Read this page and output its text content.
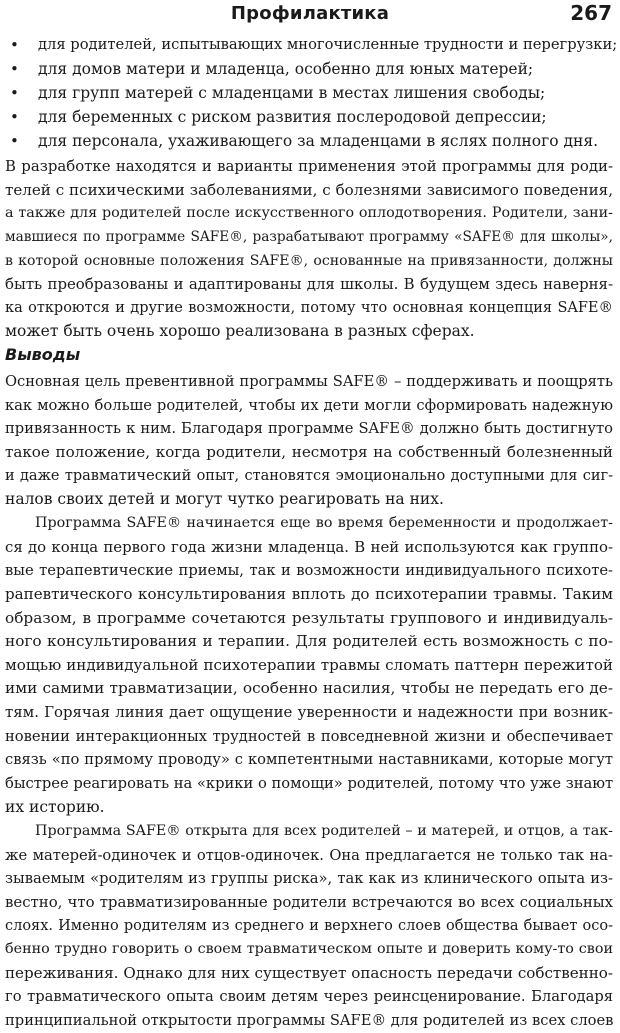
Профилактика	267
• для родителей, испытывающих многочисленные трудности и перегрузки;
• для домов матери и младенца, особенно для юных матерей;
• для групп матерей с младенцами в местах лишения свободы;
• для беременных с риском развития послеродовой депрессии;
• для персонала, ухаживающего за младенцами в яслях полного дня.
В разработке находятся и варианты применения этой программы для роди-
телей с психическими заболеваниями, с болезнями зависимого поведения,
а также для родителей после искусственного оплодотворения. Родители, зани-
мавшиеся по программе SAFE®, разрабатывают программу «SAFE® для школы»,
в которой основные положения SAFE®, основанные на привязанности, должны
быть преобразованы и адаптированы для школы. В будущем здесь наверня-
ка откроются и другие возможности, потому что основная концепция SAFE®
может быть очень хорошо реализована в разных сферах.
Выводы
Основная цель превентивной программы SAFE® – поддерживать и поощрять
как можно больше родителей, чтобы их дети могли сформировать надежную
привязанность к ним. Благодаря программе SAFE® должно быть достигнуто
такое положение, когда родители, несмотря на собственный болезненный
и даже травматический опыт, становятся эмоционально доступными для сиг-
налов своих детей и могут чутко реагировать на них.
Программа SAFE® начинается еще во время беременности и продолжает-
ся до конца первого года жизни младенца. В ней используются как группо-
вые терапевтические приемы, так и возможности индивидуального психоте-
рапевтического консультирования вплоть до психотерапии травмы. Таким
образом, в программе сочетаются результаты группового и индивидуаль-
ного консультирования и терапии. Для родителей есть возможность с по-
мощью индивидуальной психотерапии травмы сломать паттерн пережитой
ими самими травматизации, особенно насилия, чтобы не передать его де-
тям. Горячая линия дает ощущение уверенности и надежности при возник-
новении интеракционных трудностей в повседневной жизни и обеспечивает
связь «по прямому проводу» с компетентными наставниками, которые могут
быстрее реагировать на «крики о помощи» родителей, потому что уже знают
их историю.
Программа SAFE® открыта для всех родителей – и матерей, и отцов, а так-
же матерей-одиночек и отцов-одиночек. Она предлагается не только так на-
зываемым «родителям из группы риска», так как из клинического опыта из-
вестно, что травматизированные родители встречаются во всех социальных
слоях. Именно родителям из среднего и верхнего слоев общества бывает осо-
бенно трудно говорить о своем травматическом опыте и доверить кому-то свои
переживания. Однако для них существует опасность передачи собственно-
го травматического опыта своим детям через реинсценирование. Благодаря
принципиальной открытости программы SAFE® для родителей из всех слоев
